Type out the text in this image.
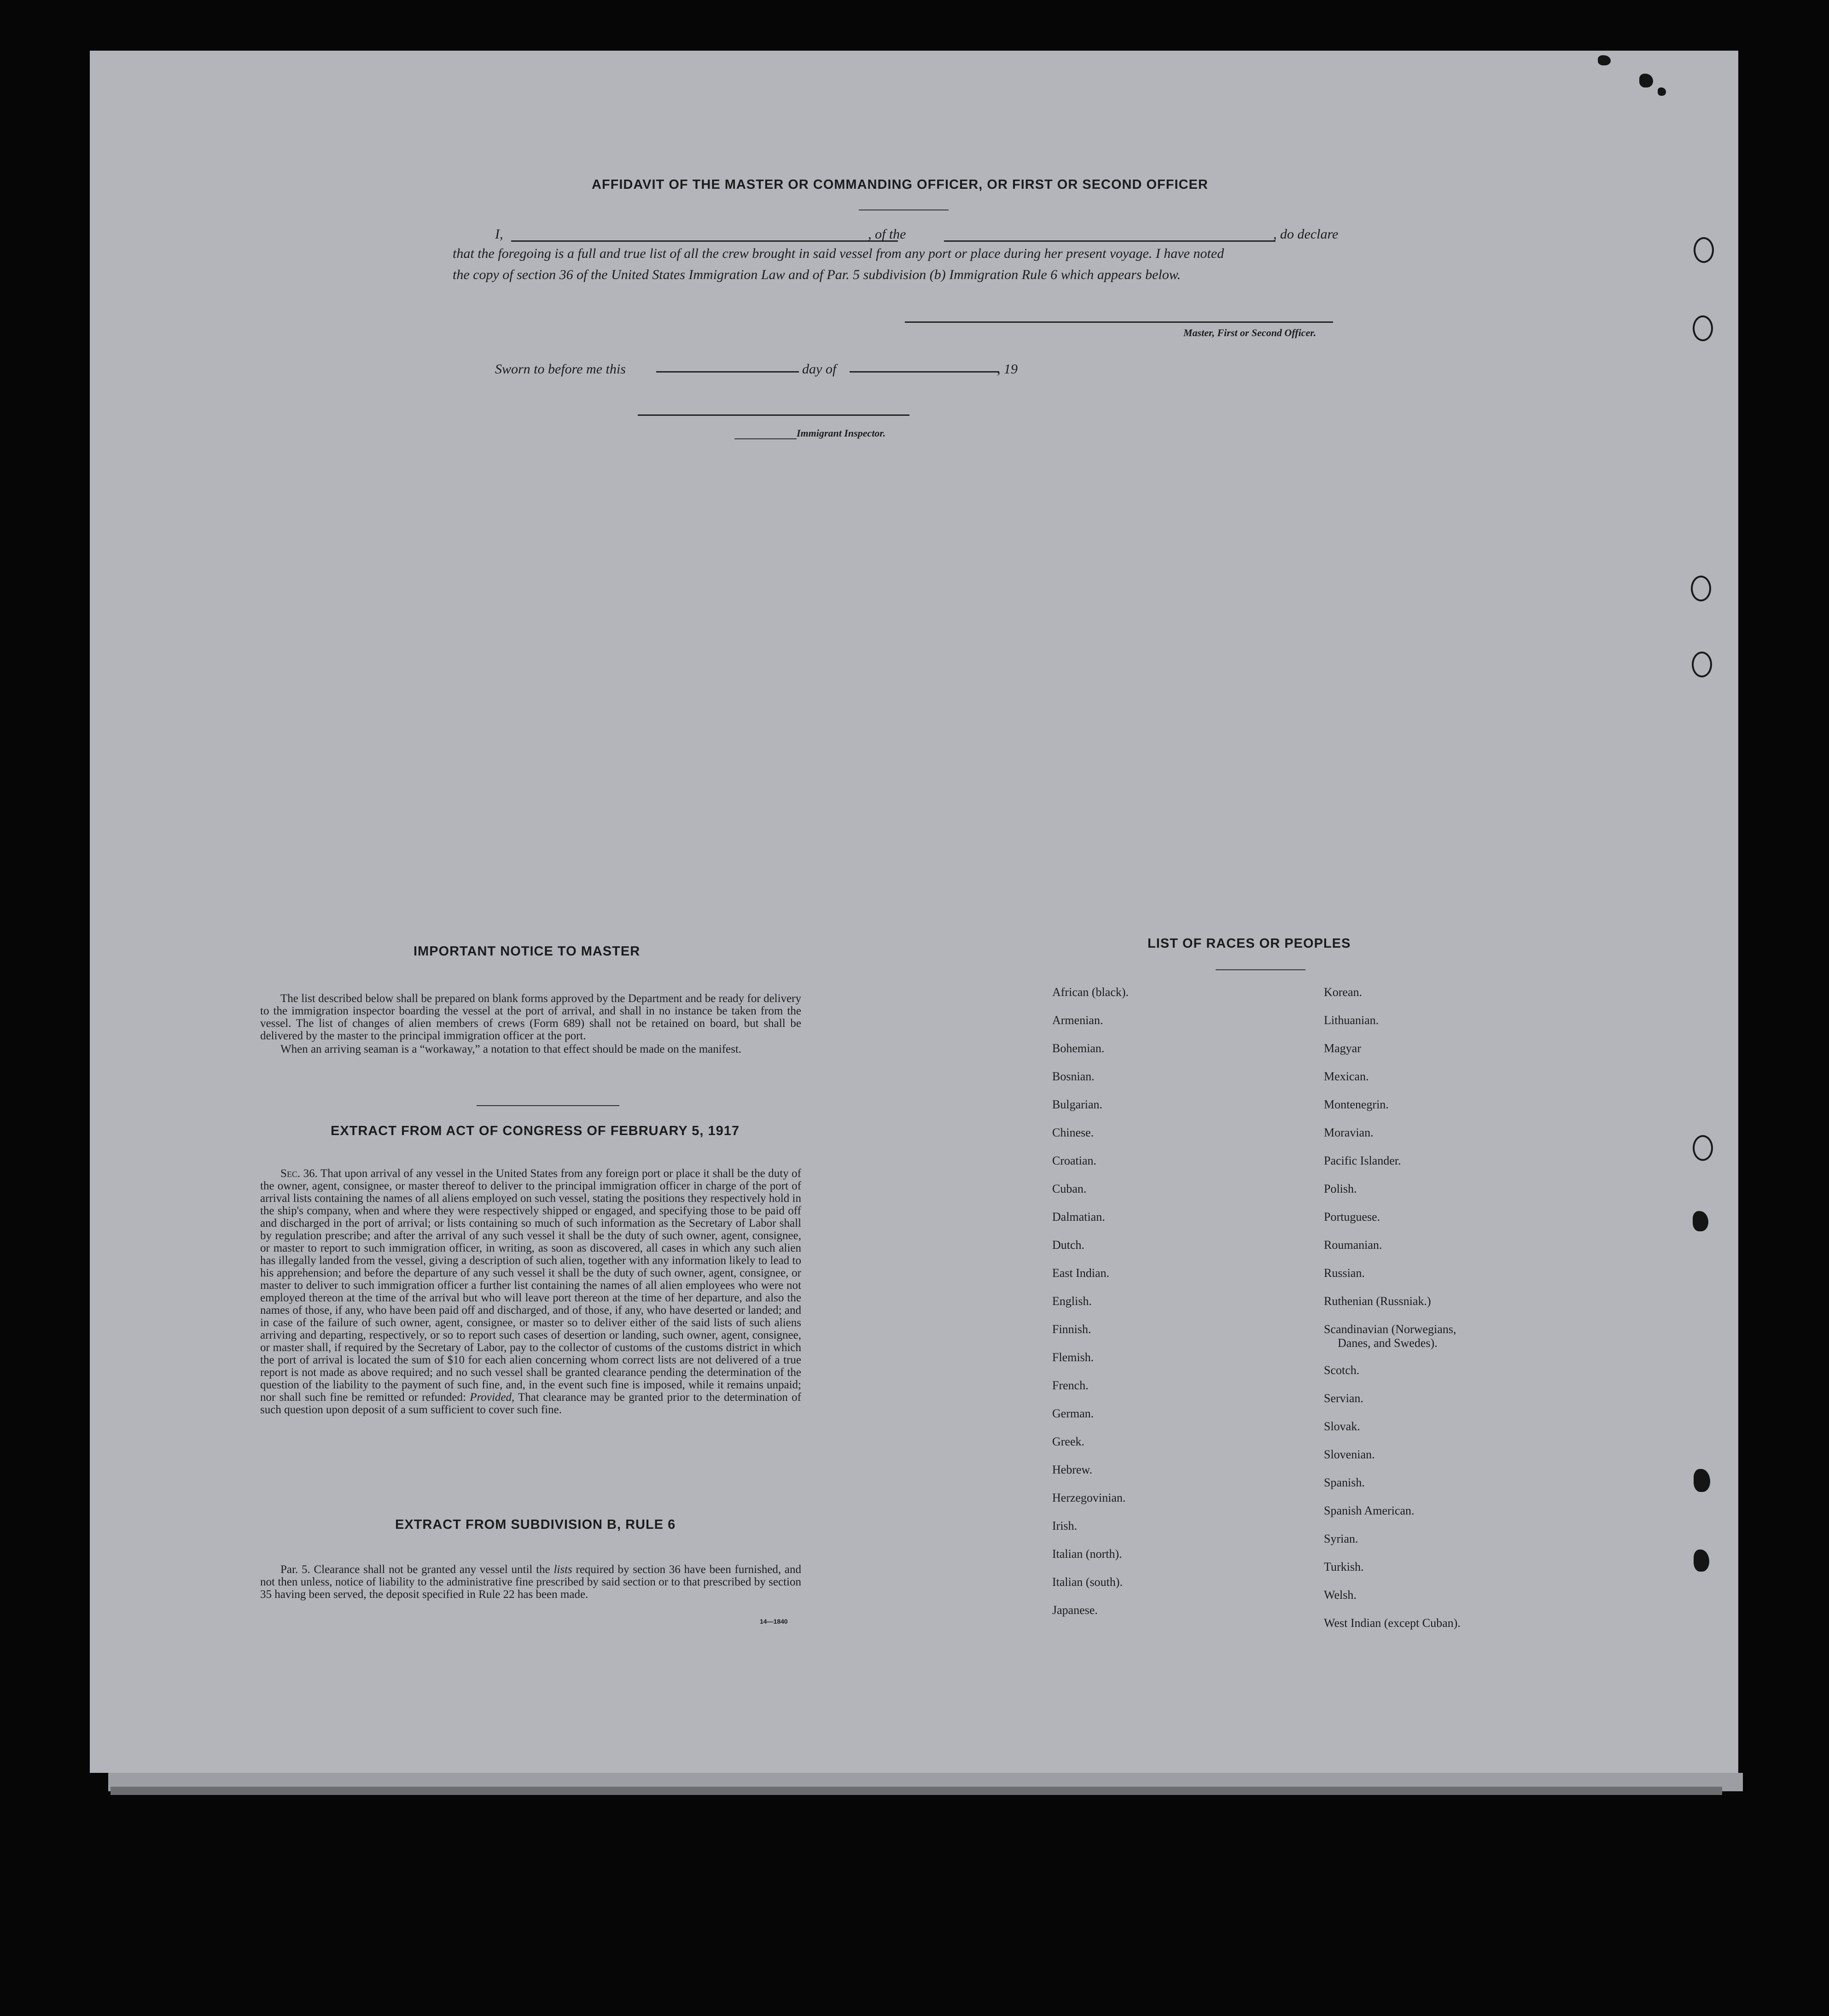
AFFIDAVIT OF THE MASTER OR COMMANDING OFFICER, OR FIRST OR SECOND OFFICER
I,	, of the	, do declare
that the foregoing is a full and true list of all the crew brought in said vessel from any port or place during her present voyage. I have noted
the copy of section 36 of the United States Immigration Law and of Par. 5 subdivision (b) Immigration Rule 6 which appears below.
Master, First or Second Officer.
Sworn to before me this	day of	, 19
Immigrant Inspector.
IMPORTANT NOTICE TO MASTER

The list described below shall be prepared on blank forms approved by the Department and be ready for delivery to the immigration inspector boarding the vessel at the port of arrival, and shall in no instance be taken from the vessel. The list of changes of alien members of crews (Form 689) shall not be retained on board, but shall be delivered by the master to the principal immigration officer at the port.

When an arriving seaman is a “workaway,” a notation to that effect should be made on the manifest.

EXTRACT FROM ACT OF CONGRESS OF FEBRUARY 5, 1917

Sec. 36. That upon arrival of any vessel in the United States from any foreign port or place it shall be the duty of the owner, agent, consignee, or master thereof to deliver to the principal immigration officer in charge of the port of arrival lists containing the names of all aliens employed on such vessel, stating the positions they respectively hold in the ship's company, when and where they were respectively shipped or engaged, and specifying those to be paid off and discharged in the port of arrival; or lists containing so much of such information as the Secretary of Labor shall by regulation prescribe; and after the arrival of any such vessel it shall be the duty of such owner, agent, consignee, or master to report to such immigration officer, in writing, as soon as discovered, all cases in which any such alien has illegally landed from the vessel, giving a description of such alien, together with any information likely to lead to his apprehension; and before the departure of any such vessel it shall be the duty of such owner, agent, consignee, or master to deliver to such immigration officer a further list containing the names of all alien employees who were not employed thereon at the time of the arrival but who will leave port thereon at the time of her departure, and also the names of those, if any, who have been paid off and discharged, and of those, if any, who have deserted or landed; and in case of the failure of such owner, agent, consignee, or master so to deliver either of the said lists of such aliens arriving and departing, respectively, or so to report such cases of desertion or landing, such owner, agent, consignee, or master shall, if required by the Secretary of Labor, pay to the collector of customs of the customs district in which the port of arrival is located the sum of $10 for each alien concerning whom correct lists are not delivered of a true report is not made as above required; and no such vessel shall be granted clearance pending the determination of the question of the liability to the payment of such fine, and, in the event such fine is imposed, while it remains unpaid; nor shall such fine be remitted or refunded: Provided, That clearance may be granted prior to the determination of such question upon deposit of a sum sufficient to cover such fine.

EXTRACT FROM SUBDIVISION B, RULE 6

Par. 5. Clearance shall not be granted any vessel until the lists required by section 36 have been furnished, and not then unless, notice of liability to the administrative fine prescribed by said section or to that prescribed by section 35 having been served, the deposit specified in Rule 22 has been made.

14—1840
LIST OF RACES OR PEOPLES
African (black).
Armenian.
Bohemian.
Bosnian.
Bulgarian.
Chinese.
Croatian.
Cuban.
Dalmatian.
Dutch.
East Indian.
English.
Finnish.
Flemish.
French.
German.
Greek.
Hebrew.
Herzegovinian.
Irish.
Italian (north).
Italian (south).
Japanese.
Korean.
Lithuanian.
Magyar
Mexican.
Montenegrin.
Moravian.
Pacific Islander.
Polish.
Portuguese.
Roumanian.
Russian.
Ruthenian (Russniak.)
Scandinavian (Norwegians,
Danes, and Swedes).
Scotch.
Servian.
Slovak.
Slovenian.
Spanish.
Spanish American.
Syrian.
Turkish.
Welsh.
West Indian (except Cuban).
